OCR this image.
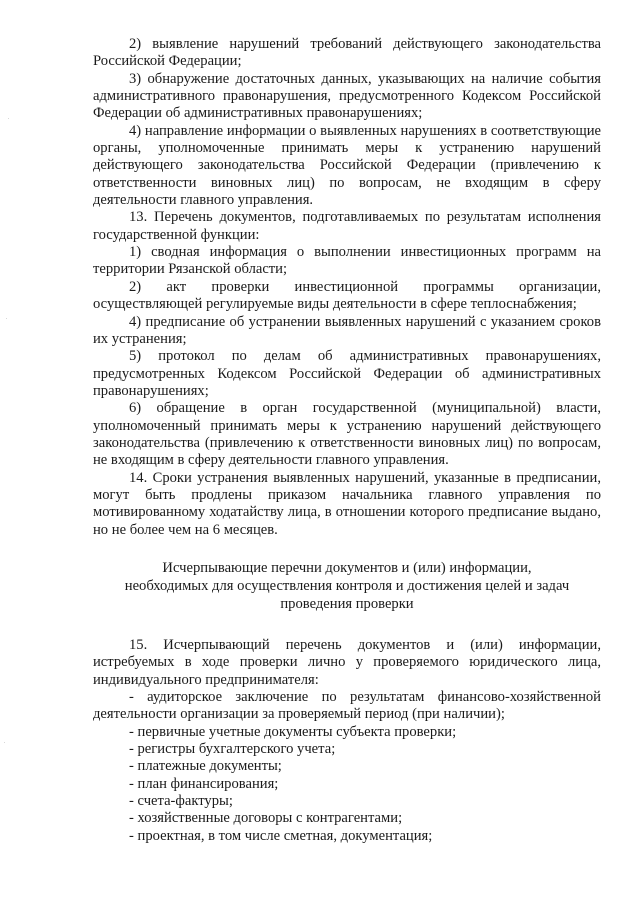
2) выявление нарушений требований действующего законодательства Российской Федерации;

3) обнаружение достаточных данных, указывающих на наличие события административного правонарушения, предусмотренного Кодексом Российской Федерации об административных правонарушениях;

4) направление информации о выявленных нарушениях в соответствующие органы, уполномоченные принимать меры к устранению нарушений действующего законодательства Российской Федерации (привлечению к ответственности виновных лиц) по вопросам, не входящим в сферу деятельности главного управления.

13. Перечень документов, подготавливаемых по результатам исполнения государственной функции:

1) сводная информация о выполнении инвестиционных программ на территории Рязанской области;

2) акт проверки инвестиционной программы организации, осуществляющей регулируемые виды деятельности в сфере теплоснабжения;

4) предписание об устранении выявленных нарушений с указанием сроков их устранения;

5) протокол по делам об административных правонарушениях, предусмотренных Кодексом Российской Федерации об административных правонарушениях;

6) обращение в орган государственной (муниципальной) власти, уполномоченный принимать меры к устранению нарушений действующего законодательства (привлечению к ответственности виновных лиц) по вопросам, не входящим в сферу деятельности главного управления.

14. Сроки устранения выявленных нарушений, указанные в предписании, могут быть продлены приказом начальника главного управления по мотивированному ходатайству лица, в отношении которого предписание выдано, но не более чем на 6 месяцев.

Исчерпывающие перечни документов и (или) информации,

необходимых для осуществления контроля и достижения целей и задач

проведения проверки

15. Исчерпывающий перечень документов и (или) информации, истребуемых в ходе проверки лично у проверяемого юридического лица, индивидуального предпринимателя:

- аудиторское заключение по результатам финансово-хозяйственной деятельности организации за проверяемый период (при наличии);

- первичные учетные документы субъекта проверки;

- регистры бухгалтерского учета;

- платежные документы;

- план финансирования;

- счета-фактуры;

- хозяйственные договоры с контрагентами;

- проектная, в том числе сметная, документация;
